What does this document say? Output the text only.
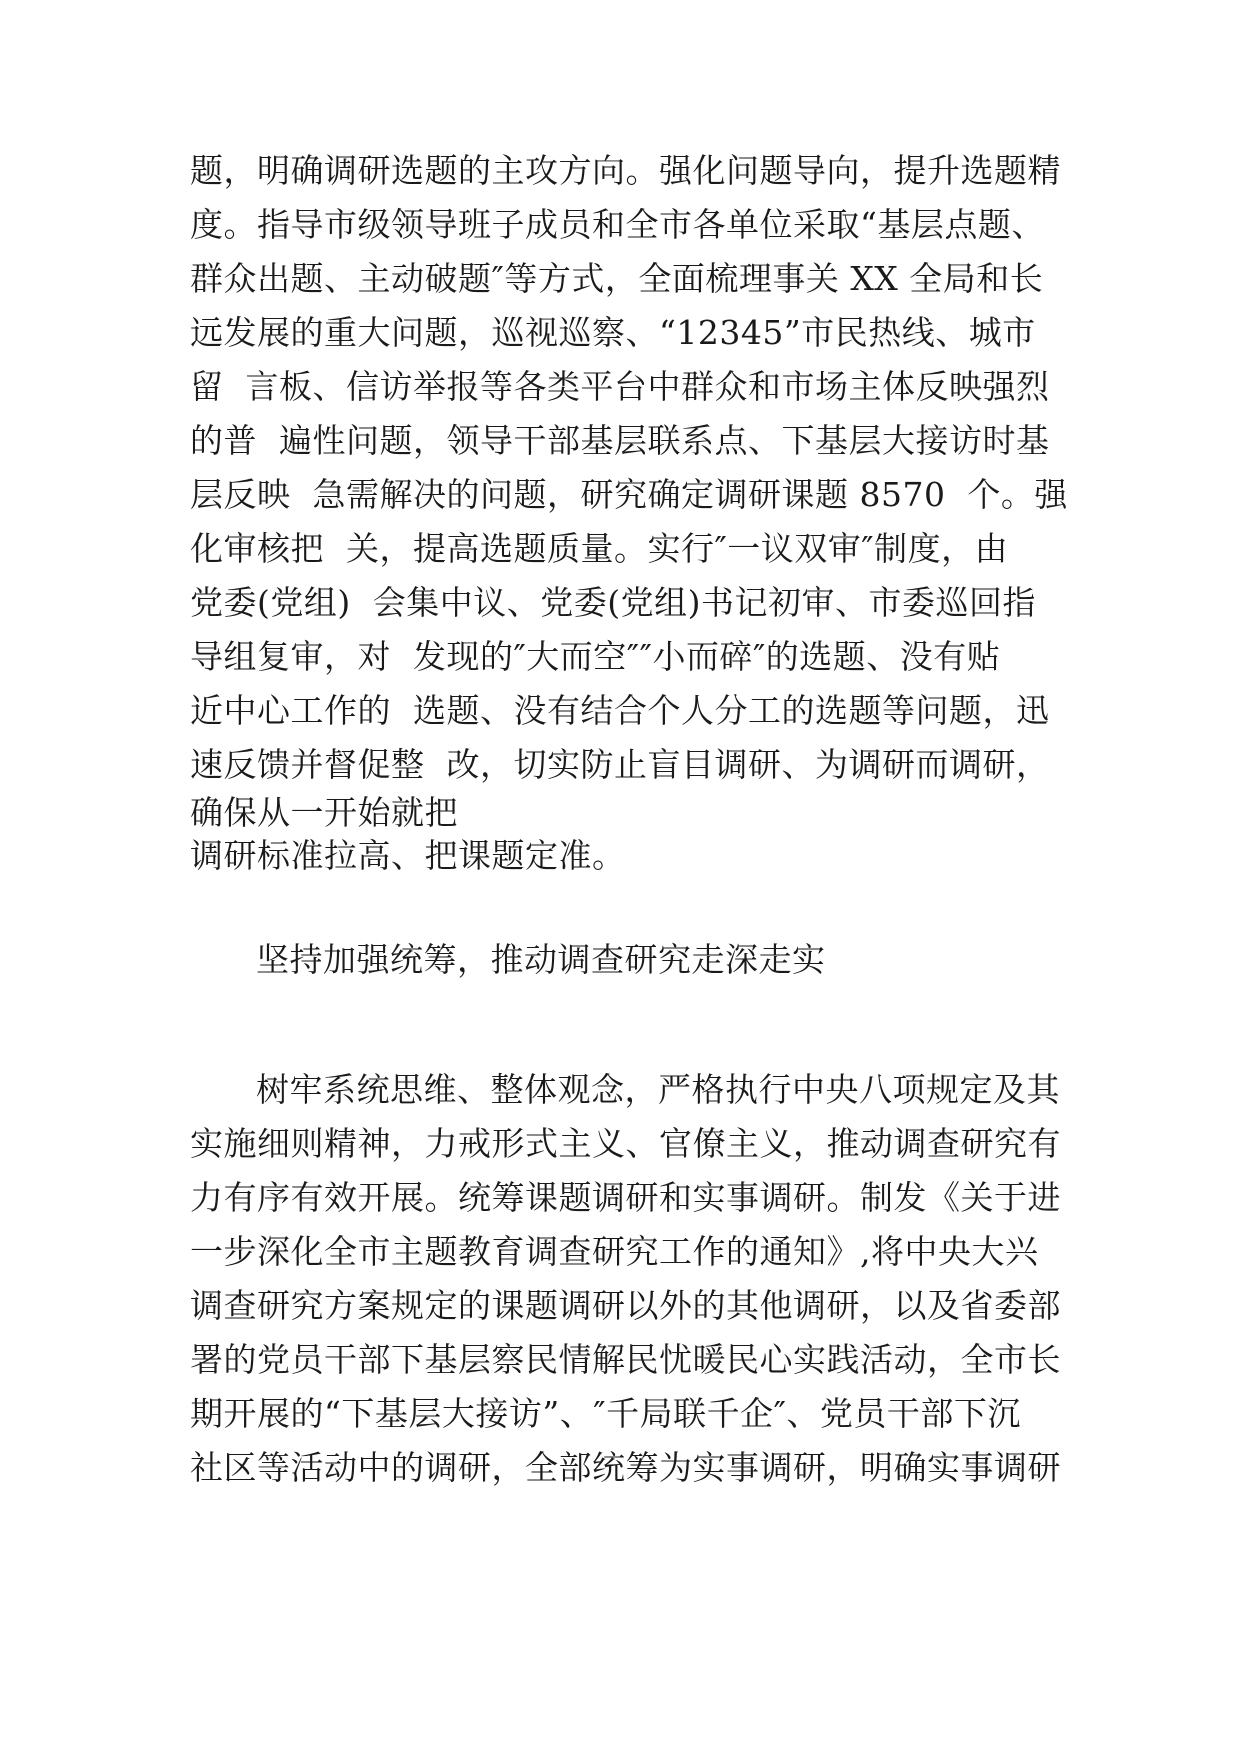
题，明确调研选题的主攻方向。强化问题导向，提升选题精

度。指导市级领导班子成员和全市各单位采取“基层点题、

群众出题、主动破题″等方式，全面梳理事关 XX 全局和长

远发展的重大问题，巡视巡察、“12345”市民热线、城市

留  言板、信访举报等各类平台中群众和市场主体反映强烈

的普  遍性问题，领导干部基层联系点、下基层大接访时基

层反映  急需解决的问题，研究确定调研课题 8570  个。强

化审核把  关，提高选题质量。实行″一议双审″制度，由

党委(党组)  会集中议、党委(党组)书记初审、市委巡回指

导组复审，对  发现的″大而空″″小而碎″的选题、没有贴

近中心工作的  选题、没有结合个人分工的选题等问题，迅

速反馈并督促整  改，切实防止盲目调研、为调研而调研，

确保从一开始就把

调研标准拉高、把课题定准。

坚持加强统筹，推动调查研究走深走实

树牢系统思维、整体观念，严格执行中央八项规定及其

实施细则精神，力戒形式主义、官僚主义，推动调查研究有

力有序有效开展。统筹课题调研和实事调研。制发《关于进

一步深化全市主题教育调查研究工作的通知》,将中央大兴

调查研究方案规定的课题调研以外的其他调研，以及省委部

署的党员干部下基层察民情解民忧暖民心实践活动，全市长

期开展的“下基层大接访”、″千局联千企″、党员干部下沉

社区等活动中的调研，全部统筹为实事调研，明确实事调研
